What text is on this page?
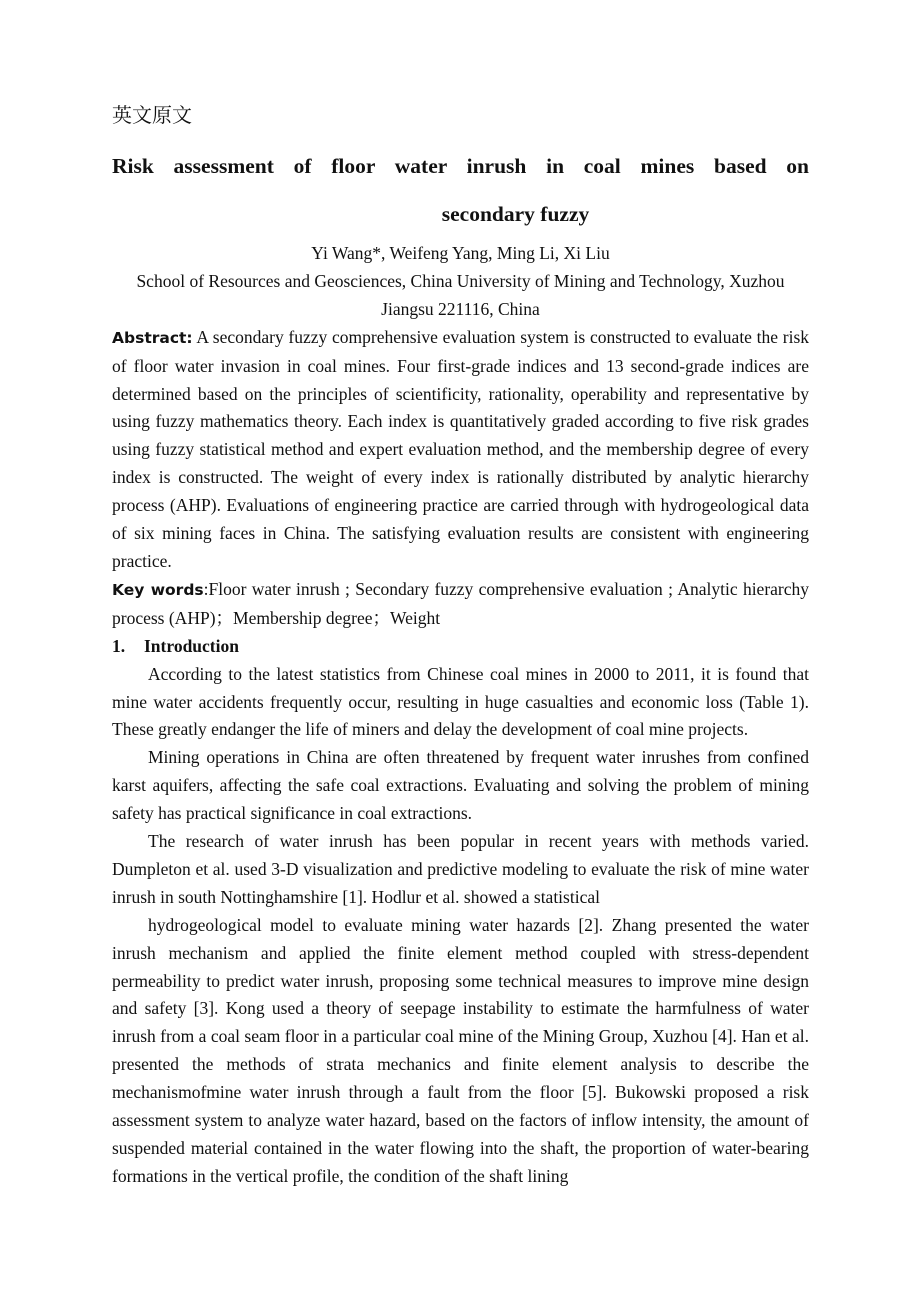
英文原文

Risk assessment of floor water inrush in coal mines based on
secondary fuzzy

Yi Wang*, Weifeng Yang, Ming Li, Xi Liu

School of Resources and Geosciences, China University of Mining and Technology, Xuzhou

Jiangsu 221116, China

Abstract: A secondary fuzzy comprehensive evaluation system is constructed to evaluate the risk of floor water invasion in coal mines. Four first-grade indices and 13 second-grade indices are determined based on the principles of scientificity, rationality, operability and representative by using fuzzy mathematics theory. Each index is quantitatively graded according to five risk grades using fuzzy statistical method and expert evaluation method, and the membership degree of every index is constructed. The weight of every index is rationally distributed by analytic hierarchy process (AHP). Evaluations of engineering practice are carried through with hydrogeological data of six mining faces in China. The satisfying evaluation results are consistent with engineering practice.

Key words:Floor water inrush ; Secondary fuzzy comprehensive evaluation ; Analytic hierarchy process (AHP)；Membership degree；Weight

1. Introduction

According to the latest statistics from Chinese coal mines in 2000 to 2011, it is found that mine water accidents frequently occur, resulting in huge casualties and economic loss (Table 1). These greatly endanger the life of miners and delay the development of coal mine projects.

Mining operations in China are often threatened by frequent water inrushes from confined karst aquifers, affecting the safe coal extractions. Evaluating and solving the problem of mining safety has practical significance in coal extractions.

The research of water inrush has been popular in recent years with methods varied. Dumpleton et al. used 3-D visualization and predictive modeling to evaluate the risk of mine water inrush in south Nottinghamshire [1]. Hodlur et al. showed a statistical

hydrogeological model to evaluate mining water hazards [2]. Zhang presented the water inrush mechanism and applied the finite element method coupled with stress-dependent permeability to predict water inrush, proposing some technical measures to improve mine design and safety [3]. Kong used a theory of seepage instability to estimate the harmfulness of water inrush from a coal seam floor in a particular coal mine of the Mining Group, Xuzhou [4]. Han et al. presented the methods of strata mechanics and finite element analysis to describe the mechanismofmine water inrush through a fault from the floor [5]. Bukowski proposed a risk assessment system to analyze water hazard, based on the factors of inflow intensity, the amount of suspended material contained in the water flowing into the shaft, the proportion of water-bearing formations in the vertical profile, the condition of the shaft lining
